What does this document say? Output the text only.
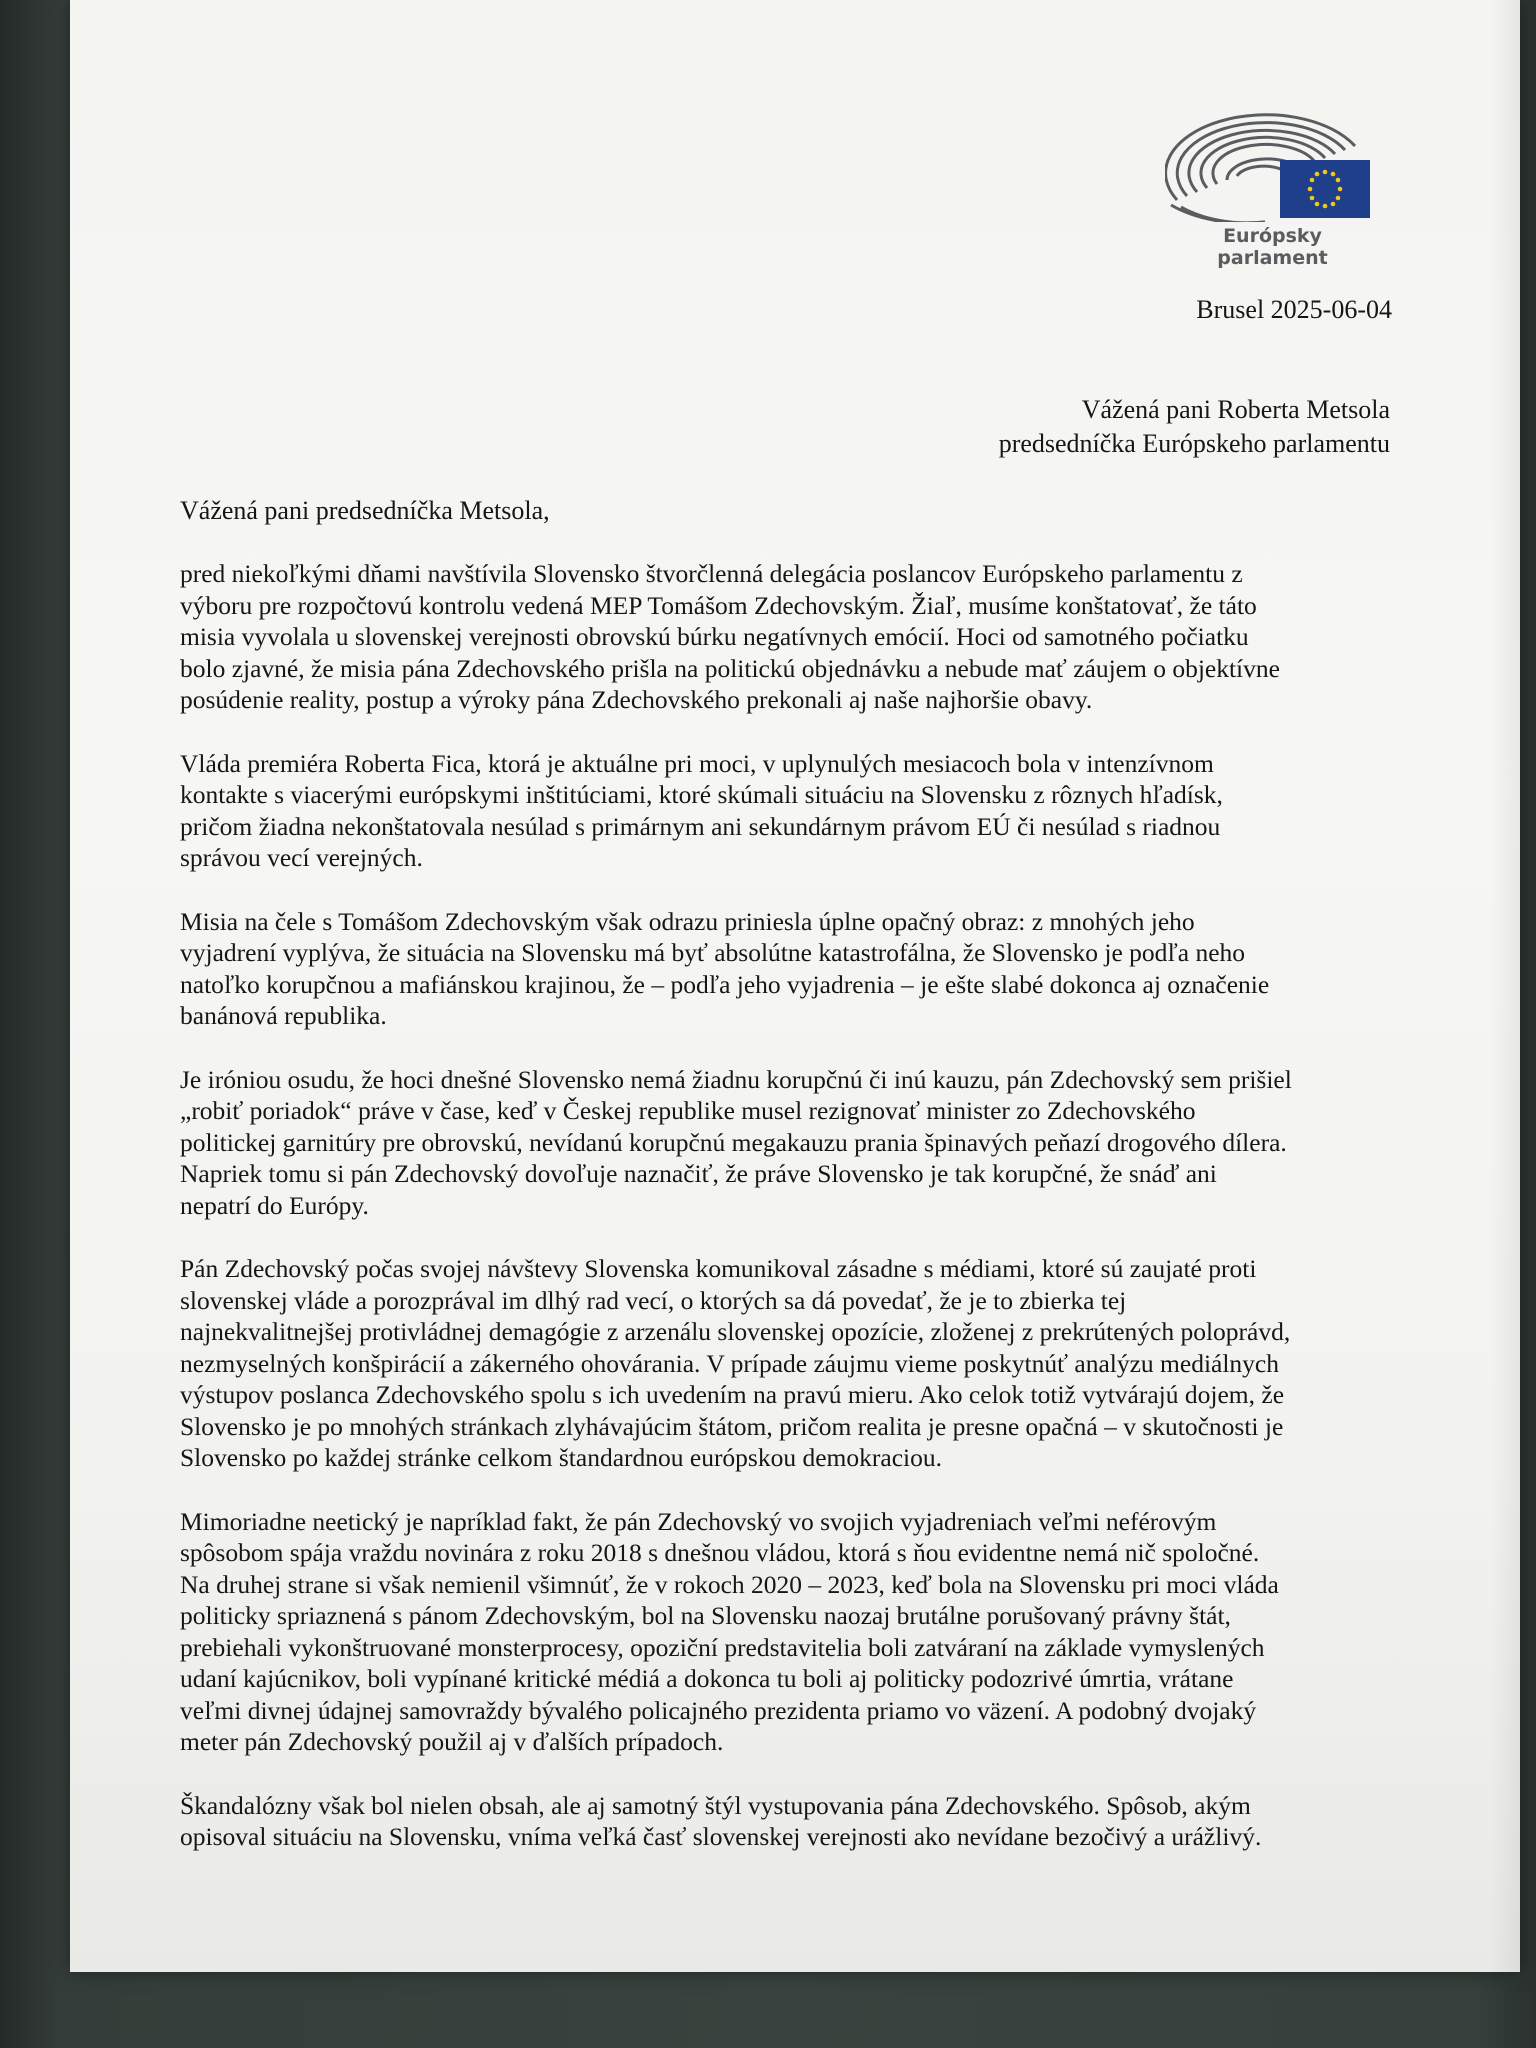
Európsky parlament
Brusel 2025-06-04
Vážená pani Roberta Metsola
predsedníčka Európskeho parlamentu
Vážená pani predsedníčka Metsola,

pred niekoľkými dňami navštívila Slovensko štvorčlenná delegácia poslancov Európskeho parlamentu z
výboru pre rozpočtovú kontrolu vedená MEP Tomášom Zdechovským. Žiaľ, musíme konštatovať, že táto
misia vyvolala u slovenskej verejnosti obrovskú búrku negatívnych emócií. Hoci od samotného počiatku
bolo zjavné, že misia pána Zdechovského prišla na politickú objednávku a nebude mať záujem o objektívne
posúdenie reality, postup a výroky pána Zdechovského prekonali aj naše najhoršie obavy.

Vláda premiéra Roberta Fica, ktorá je aktuálne pri moci, v uplynulých mesiacoch bola v intenzívnom
kontakte s viacerými európskymi inštitúciami, ktoré skúmali situáciu na Slovensku z rôznych hľadísk,
pričom žiadna nekonštatovala nesúlad s primárnym ani sekundárnym právom EÚ či nesúlad s riadnou
správou vecí verejných.

Misia na čele s Tomášom Zdechovským však odrazu priniesla úplne opačný obraz: z mnohých jeho
vyjadrení vyplýva, že situácia na Slovensku má byť absolútne katastrofálna, že Slovensko je podľa neho
natoľko korupčnou a mafiánskou krajinou, že – podľa jeho vyjadrenia – je ešte slabé dokonca aj označenie
banánová republika.

Je iróniou osudu, že hoci dnešné Slovensko nemá žiadnu korupčnú či inú kauzu, pán Zdechovský sem prišiel
„robiť poriadok“ práve v čase, keď v Českej republike musel rezignovať minister zo Zdechovského
politickej garnitúry pre obrovskú, nevídanú korupčnú megakauzu prania špinavých peňazí drogového dílera.
Napriek tomu si pán Zdechovský dovoľuje naznačiť, že práve Slovensko je tak korupčné, že snáď ani
nepatrí do Európy.

Pán Zdechovský počas svojej návštevy Slovenska komunikoval zásadne s médiami, ktoré sú zaujaté proti
slovenskej vláde a porozprával im dlhý rad vecí, o ktorých sa dá povedať, že je to zbierka tej
najnekvalitnejšej protivládnej demagógie z arzenálu slovenskej opozície, zloženej z prekrútených poloprávd,
nezmyselných konšpirácií a zákerného ohovárania. V prípade záujmu vieme poskytnúť analýzu mediálnych
výstupov poslanca Zdechovského spolu s ich uvedením na pravú mieru. Ako celok totiž vytvárajú dojem, že
Slovensko je po mnohých stránkach zlyhávajúcim štátom, pričom realita je presne opačná – v skutočnosti je
Slovensko po každej stránke celkom štandardnou európskou demokraciou.

Mimoriadne neetický je napríklad fakt, že pán Zdechovský vo svojich vyjadreniach veľmi neférovým
spôsobom spája vraždu novinára z roku 2018 s dnešnou vládou, ktorá s ňou evidentne nemá nič spoločné.
Na druhej strane si však nemienil všimnúť, že v rokoch 2020 – 2023, keď bola na Slovensku pri moci vláda
politicky spriaznená s pánom Zdechovským, bol na Slovensku naozaj brutálne porušovaný právny štát,
prebiehali vykonštruované monsterprocesy, opoziční predstavitelia boli zatváraní na základe vymyslených
udaní kajúcnikov, boli vypínané kritické médiá a dokonca tu boli aj politicky podozrivé úmrtia, vrátane
veľmi divnej údajnej samovraždy bývalého policajného prezidenta priamo vo väzení. A podobný dvojaký
meter pán Zdechovský použil aj v ďalších prípadoch.

Škandalózny však bol nielen obsah, ale aj samotný štýl vystupovania pána Zdechovského. Spôsob, akým
opisoval situáciu na Slovensku, vníma veľká časť slovenskej verejnosti ako nevídane bezočivý a urážlivý.
